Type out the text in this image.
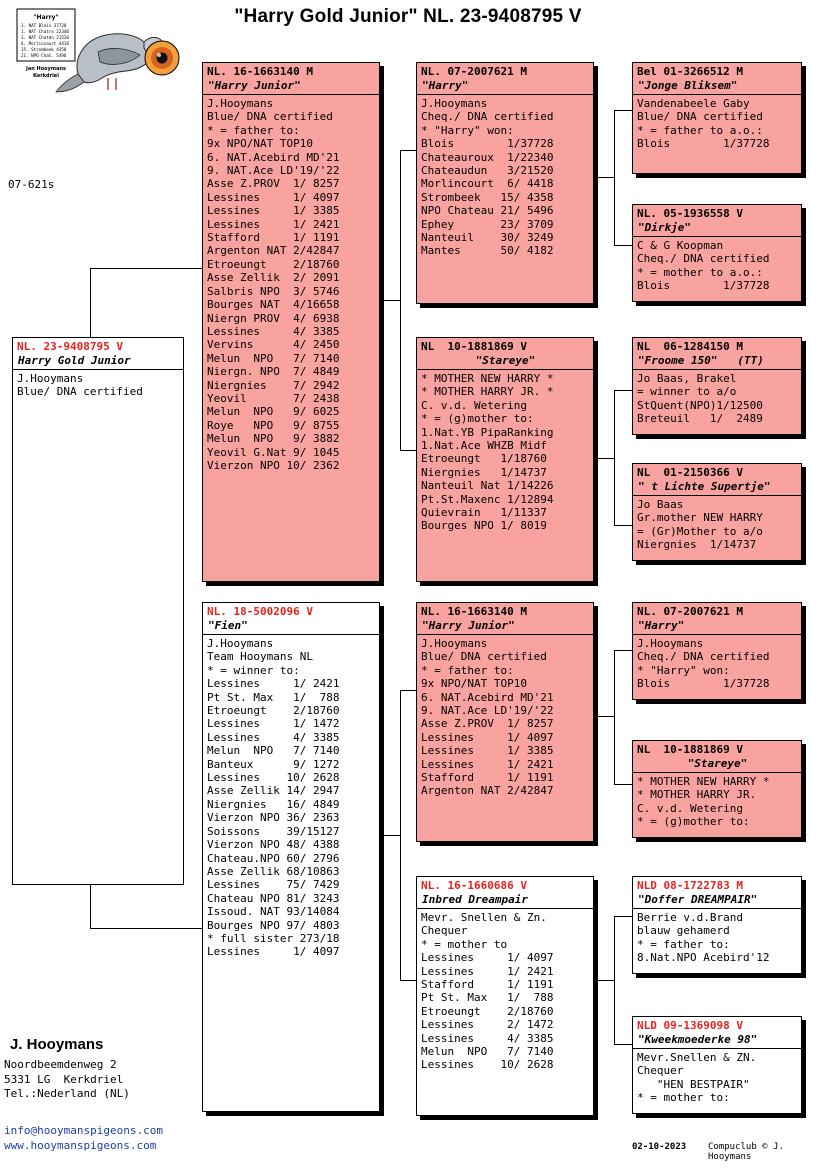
"Harry Gold Junior" NL. 23-9408795 V
"Harry"
1. NAT Blois 37728
1. NAT Chatrx 22340
3. NAT Chatdn 21520
6. Morlincourt 4418
15. Strombeek 4358
21. NPO Chat. 5496
Jan Hooymans
Kerkdriel
07-621s
NL. 23-9408795 V
Harry Gold Junior
J.Hooymans
Blue/ DNA certified
NL. 16-1663140 M
"Harry Junior"
J.Hooymans
Blue/ DNA certified
* = father to:
9x NPO/NAT TOP10
6. NAT.Acebird MD'21
9. NAT.Ace LD'19/'22
Asse Z.PROV  1/ 8257
Lessines     1/ 4097
Lessines     1/ 3385
Lessines     1/ 2421
Stafford     1/ 1191
Argenton NAT 2/42847
Etroeungt    2/18760
Asse Zellik  2/ 2091
Salbris NPO  3/ 5746
Bourges NAT  4/16658
Niergn PROV  4/ 6938
Lessines     4/ 3385
Vervins      4/ 2450
Melun  NPO   7/ 7140
Niergn. NPO  7/ 4849
Niergnies    7/ 2942
Yeovil       7/ 2438
Melun  NPO   9/ 6025
Roye   NPO   9/ 8755
Melun  NPO   9/ 3882
Yeovil G.Nat 9/ 1045
Vierzon NPO 10/ 2362
NL. 18-5002096 V
"Fien"
J.Hooymans
Team Hooymans NL
* = winner to:
Lessines     1/ 2421
Pt St. Max   1/  788
Etroeungt    2/18760
Lessines     1/ 1472
Lessines     4/ 3385
Melun  NPO   7/ 7140
Banteux      9/ 1272
Lessines    10/ 2628
Asse Zellik 14/ 2947
Niergnies   16/ 4849
Vierzon NPO 36/ 2363
Soissons    39/15127
Vierzon NPO 48/ 4388
Chateau.NPO 60/ 2796
Asse Zellik 68/10863
Lessines    75/ 7429
Chateau NPO 81/ 3243
Issoud. NAT 93/14084
Bourges NPO 97/ 4803
* full sister 273/18
Lessines     1/ 4097
NL. 07-2007621 M
"Harry"
J.Hooymans
Cheq./ DNA certified
* "Harry" won:
Blois        1/37728
Chateauroux  1/22340
Chateaudun   3/21520
Morlincourt  6/ 4418
Strombeek   15/ 4358
NPO Chateau 21/ 5496
Ephey       23/ 3709
Nanteuil    30/ 3249
Mantes      50/ 4182
NL  10-1881869 V
"Stareye"
* MOTHER NEW HARRY *
* MOTHER HARRY JR. *
C. v.d. Wetering
* = (g)mother to:
1.Nat.YB PipaRanking
1.Nat.Ace WHZB Midf
Etroeungt   1/18760
Niergnies   1/14737
Nanteuil Nat 1/14226
Pt.St.Maxenc 1/12894
Quievrain   1/11337
Bourges NPO 1/ 8019
NL. 16-1663140 M
"Harry Junior"
J.Hooymans
Blue/ DNA certified
* = father to:
9x NPO/NAT TOP10
6. NAT.Acebird MD'21
9. NAT.Ace LD'19/'22
Asse Z.PROV  1/ 8257
Lessines     1/ 4097
Lessines     1/ 3385
Lessines     1/ 2421
Stafford     1/ 1191
Argenton NAT 2/42847
NL. 16-1660686 V
Inbred Dreampair
Mevr. Snellen & Zn.
Chequer
* = mother to
Lessines     1/ 4097
Lessines     1/ 2421
Stafford     1/ 1191
Pt St. Max   1/  788
Etroeungt    2/18760
Lessines     2/ 1472
Lessines     4/ 3385
Melun  NPO   7/ 7140
Lessines    10/ 2628
Bel 01-3266512 M
"Jonge Bliksem"
Vandenabeele Gaby
Blue/ DNA certified
* = father to a.o.:
Blois        1/37728
NL. 05-1936558 V
"Dirkje"
C & G Koopman
Cheq./ DNA certified
* = mother to a.o.:
Blois        1/37728
NL  06-1284150 M
"Froome 150"   (TT)
Jo Baas, Brakel
= winner to a/o
StQuent(NPO)1/12500
Breteuil   1/  2489
NL  01-2150366 V
" t Lichte Supertje"
Jo Baas
Gr.mother NEW HARRY
= (Gr)Mother to a/o
Niergnies  1/14737
NL. 07-2007621 M
"Harry"
J.Hooymans
Cheq./ DNA certified
* "Harry" won:
Blois        1/37728
NL  10-1881869 V
"Stareye"
* MOTHER NEW HARRY *
* MOTHER HARRY JR.
C. v.d. Wetering
* = (g)mother to:
NLD 08-1722783 M
"Doffer DREAMPAIR"
Berrie v.d.Brand
blauw gehamerd
* = father to:
8.Nat.NPO Acebird'12
NLD 09-1369098 V
"Kweekmoederke 98"
Mevr.Snellen & ZN.
Chequer
"HEN BESTPAIR"
* = mother to:
J. Hooymans
Noordbeemdenweg 2
5331 LG  Kerkdriel
Tel.:Nederland (NL)
info@hooymanspigeons.com
www.hooymanspigeons.com	02-10-2023 Compuclub © J. Hooymans
